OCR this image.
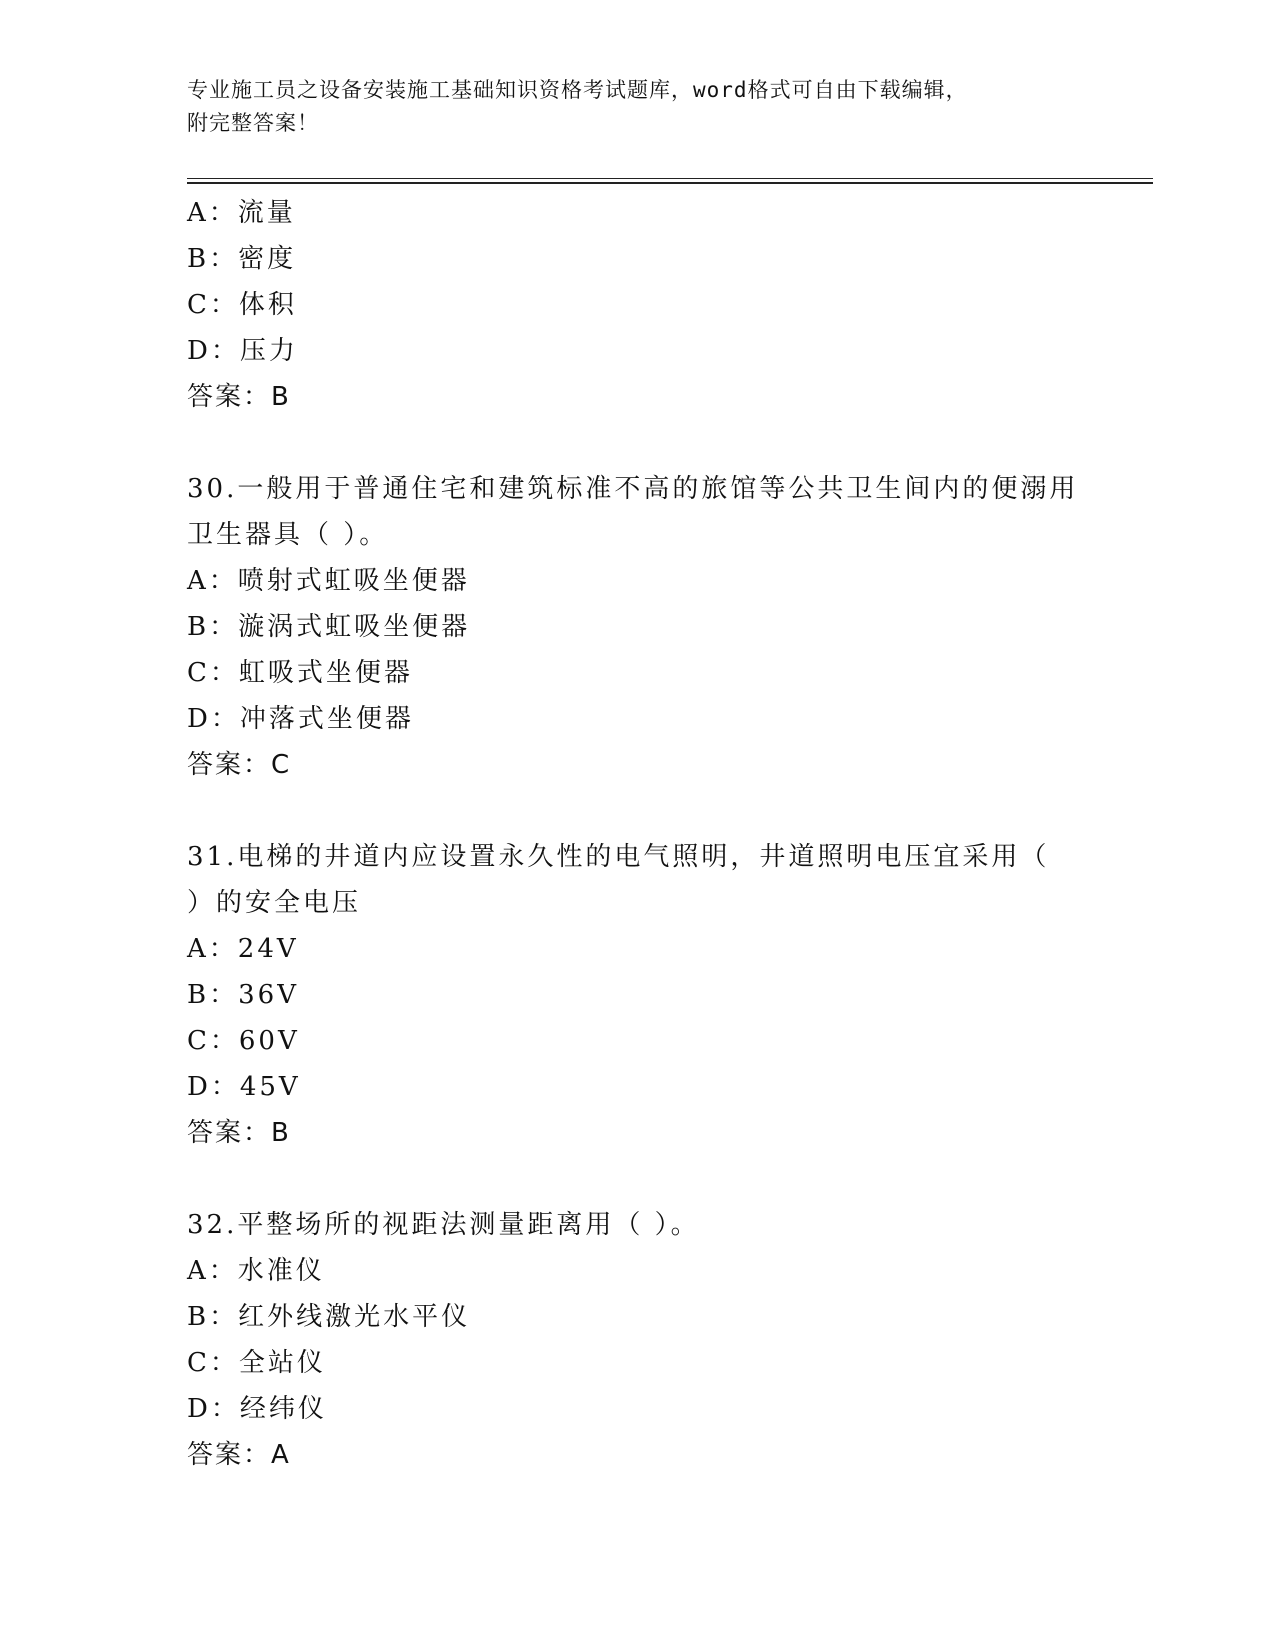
专业施工员之设备安装施工基础知识资格考试题库，word格式可自由下载编辑，
附完整答案！
A：流量
B：密度
C：体积
D：压力
答案：B
30.一般用于普通住宅和建筑标准不高的旅馆等公共卫生间内的便溺用
卫生器具（ ）。
A：喷射式虹吸坐便器
B：漩涡式虹吸坐便器
C：虹吸式坐便器
D：冲落式坐便器
答案：C
31.电梯的井道内应设置永久性的电气照明，井道照明电压宜采用（
）的安全电压
A：24V
B：36V
C：60V
D：45V
答案：B
32.平整场所的视距法测量距离用（ ）。
A：水准仪
B：红外线激光水平仪
C：全站仪
D：经纬仪
答案：A
